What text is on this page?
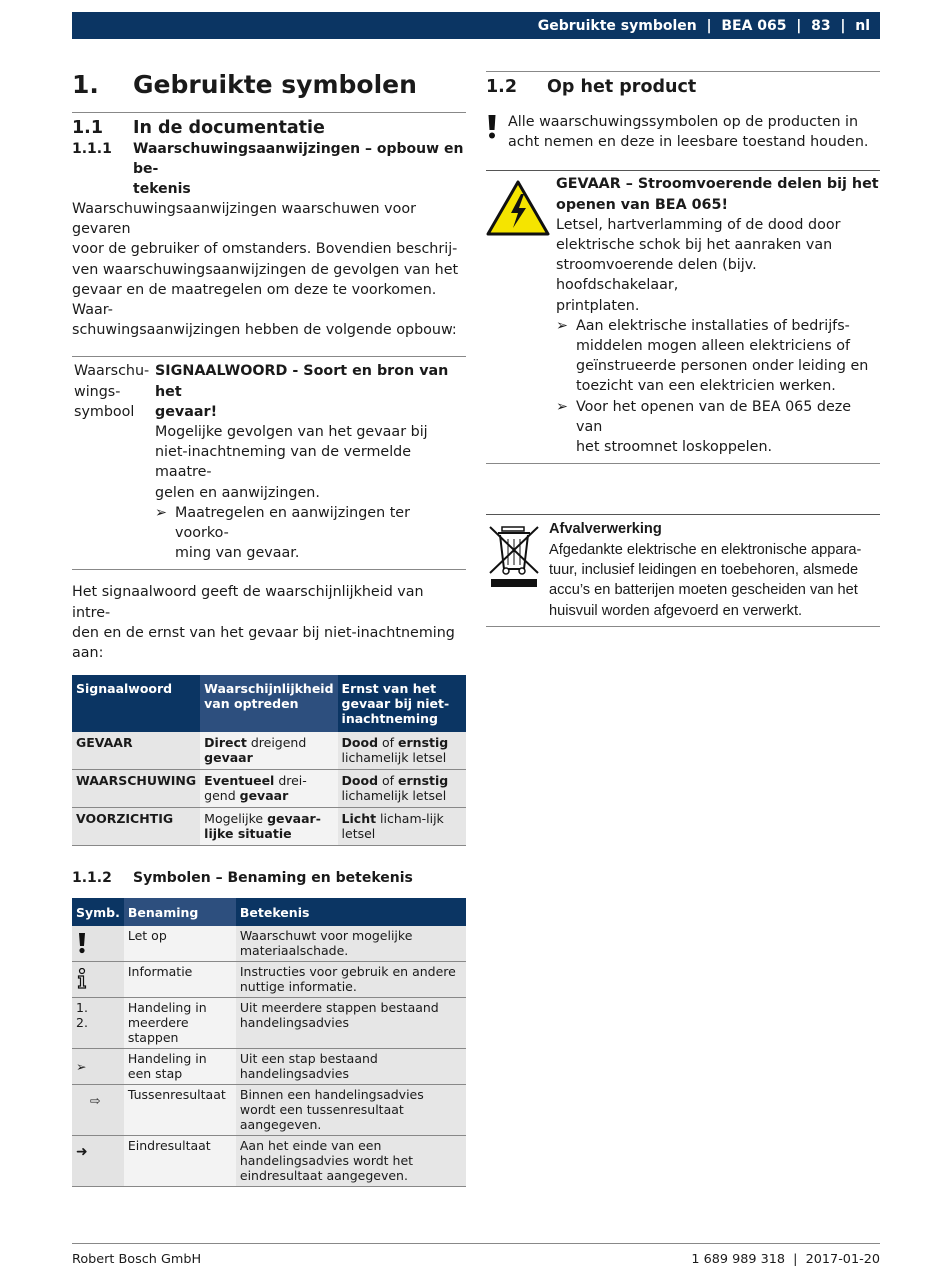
Gebruikte symbolen  |  BEA 065  |  83  |  nl
1.	Gebruikte symbolen
1.1	In de documentatie
1.1.1	Waarschuwingsaanwijzingen – opbouw en be-
tekenis
Waarschuwingsaanwijzingen waarschuwen voor gevaren
voor de gebruiker of omstanders. Bovendien beschrij-
ven waarschuwingsaanwijzingen de gevolgen van het
gevaar en de maatregelen om deze te voorkomen. Waar-
schuwingsaanwijzingen hebben de volgende opbouw:
Waarschu-
wings-
symbool
SIGNAALWOORD - Soort en bron van het
gevaar!
Mogelijke gevolgen van het gevaar bij
niet-inachtneming van de vermelde maatre-
gelen en aanwijzingen.
➢ Maatregelen en aanwijzingen ter voorko-
ming van gevaar.
Het signaalwoord geeft de waarschijnlijkheid van intre-
den en de ernst van het gevaar bij niet-inachtneming aan:
Signaalwoord	Waarschijnlijkheid van optreden	Ernst van het gevaar bij niet-inachtneming
GEVAAR	Direct dreigend gevaar	Dood of ernstig lichamelijk letsel
WAARSCHUWING	Eventueel drei-gend gevaar	Dood of ernstig lichamelijk letsel
VOORZICHTIG	Mogelijke gevaar-lijke situatie	Licht licham-lijk letsel
1.1.2	Symbolen – Benaming en betekenis
Symb.	Benaming	Betekenis
	Let op	Waarschuwt voor mogelijke materiaalschade.
	Informatie	Instructies voor gebruik en andere nuttige informatie.

1.
2.	Handeling in meerdere stappen	Uit meerdere stappen bestaand handelingsadvies
➢	Handeling in een stap	Uit een stap bestaand handelingsadvies
⇨	Tussenresultaat	Binnen een handelingsadvies wordt een tussenresultaat aangegeven.
➜	Eindresultaat	Aan het einde van een handelingsadvies wordt het eindresultaat aangegeven.
1.2	Op het product
Alle waarschuwingssymbolen op de producten in
acht nemen en deze in leesbare toestand houden.
GEVAAR – Stroomvoerende delen bij het
openen van BEA 065!
Letsel, hartverlamming of de dood door
elektrische schok bij het aanraken van
stroomvoerende delen (bijv. hoofdschakelaar,
printplaten.
➢ Aan elektrische installaties of bedrijfs-
middelen mogen alleen elektriciens of
geïnstrueerde personen onder leiding en
toezicht van een elektricien werken.
➢ Voor het openen van de BEA 065 deze van
het stroomnet loskoppelen.
Afvalverwerking
Afgedankte elektrische en elektronische appara-
tuur, inclusief leidingen en toebehoren, alsmede
accu’s en batterijen moeten gescheiden van het
huisvuil worden afgevoerd en verwerkt.
Robert Bosch GmbH	1 689 989 318  |  2017-01-20
